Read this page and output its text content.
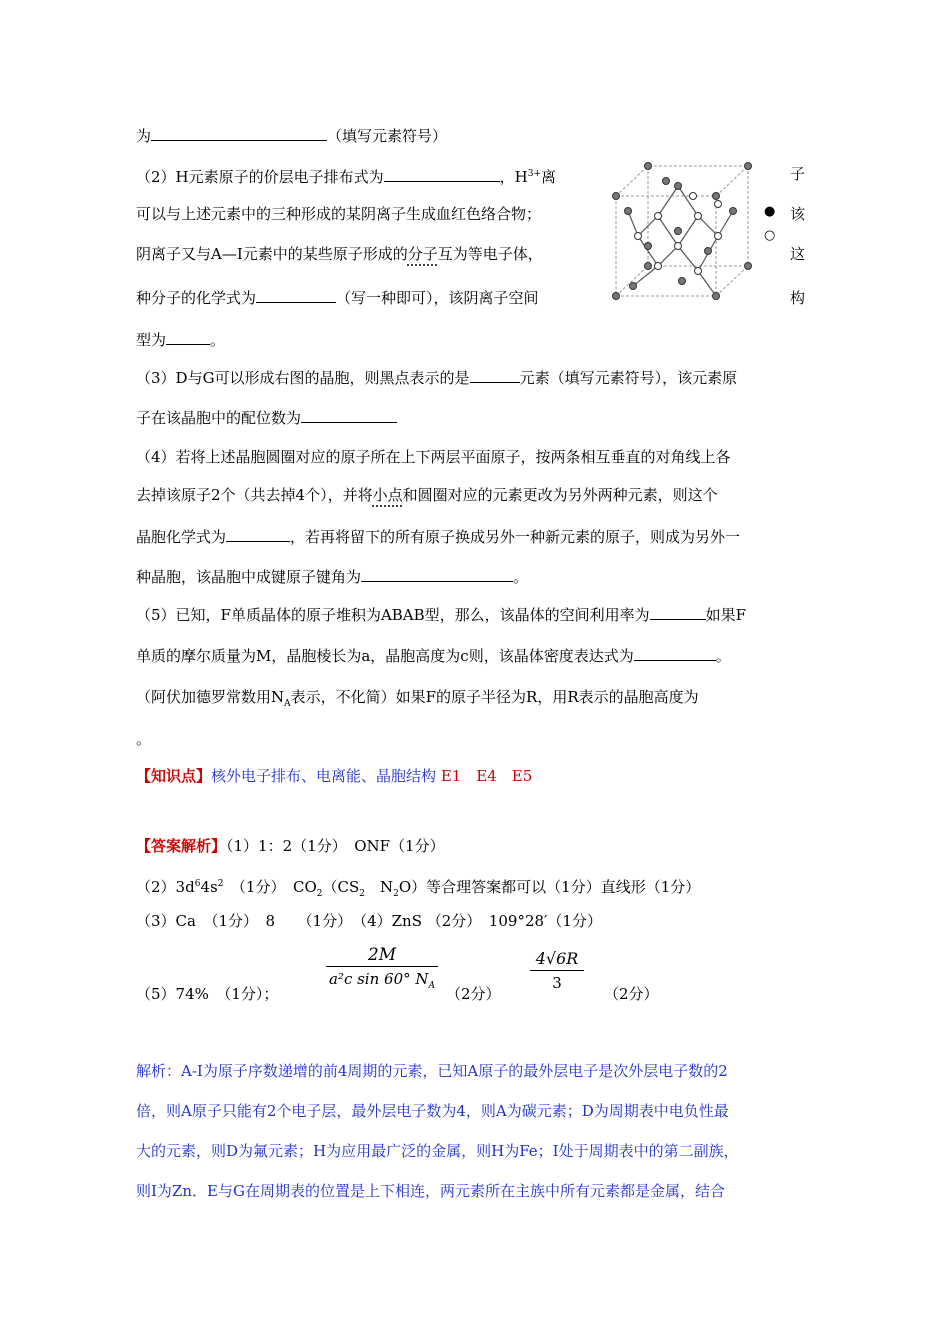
为	（填写元素符号）
（2）H元素原子的价层电子排布式为	，$H^{3+}$离
可以与上述元素中的三种形成的某阴离子生成血红色络合物；
阴离子又与A—Ⅰ元素中的某些原子形成的分子互为等电子体，
种分子的化学式为	（写一种即可），该阴离子空间
型为	。
子
该
这
构
●
○
（3）D与G可以形成右图的晶胞，则黑点表示的是	元素（填写元素符号），该元素原
子在该晶胞中的配位数为
（4）若将上述晶胞圆圈对应的原子所在上下两层平面原子，按两条相互垂直的对角线上各
去掉该原子2个（共去掉4个），并将小点和圆圈对应的元素更改为另外两种元素，则这个
晶胞化学式为	，若再将留下的所有原子换成另外一种新元素的原子，则成为另外一
种晶胞，该晶胞中成键原子键角为	。
（5）已知，F单质晶体的原子堆积为ABAB型，那么，该晶体的空间利用率为	如果F
单质的摩尔质量为M，晶胞棱长为a，晶胞高度为c则，该晶体密度表达式为	。
（阿伏加德罗常数用$N_A$表示，不化简）如果F的原子半径为R，用R表示的晶胞高度为
。
【知识点】核外电子排布、电离能、晶胞结构 E1　E4　E5
【答案解析】（1）1：2（1分）　ONF（1分）
$(2)3d^64s^2$　（1分）　$CO_2(CS_2$　$N_2O$）等合理答案都可以（1分）直线形（1分）
（3）Ca　（1分）　8　　（1分）　（4）ZnS （2分）　109°28′（1分）
（5）74%　（1分）；	$\frac{2M}{a^2c \sin 60^\circ N_A} (2$分） $\frac{4√6R}{3} (2$分）
解析：A-I为原子序数递增的前4周期的元素，已知A原子的最外层电子是次外层电子数的2
倍，则A原子只能有2个电子层，最外层电子数为4，则A为碳元素；D为周期表中电负性最
大的元素，则D为氟元素；H为应用最广泛的金属，则H为Fe；Ⅰ处于周期表中的第二副族，
则Ⅰ为Zn．E与G在周期表的位置是上下相连，两元素所在主族中所有元素都是金属，结合
